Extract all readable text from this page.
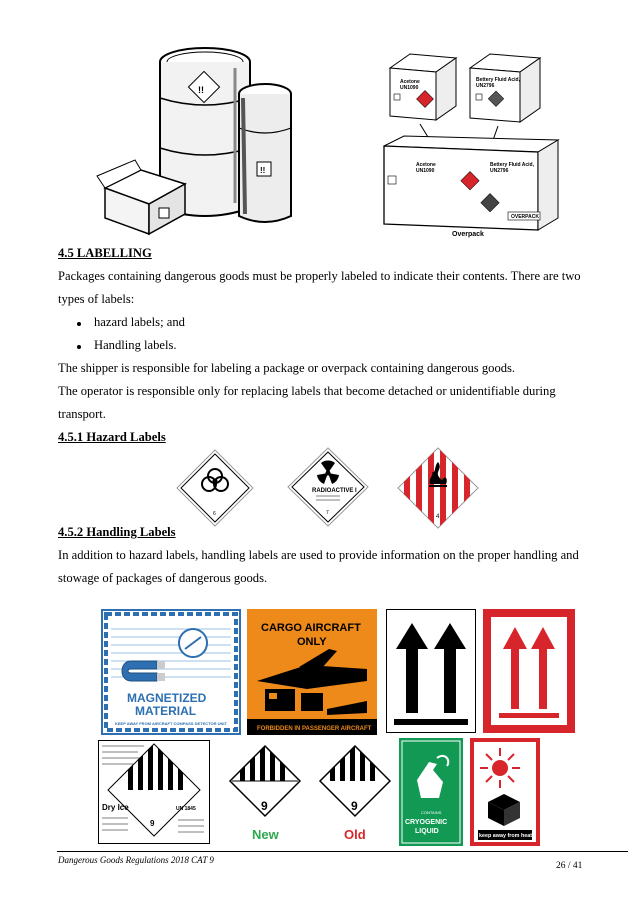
!!
!!
Acetone
UN1090
Bettery Fluid Acid,
UN2796
Acetone
UN1090
Bettery Fluid Acid,
UN2796
OVERPACK
Overpack
4.5 LABELLING
Packages containing dangerous goods must be properly labeled to indicate their contents. There are two
types of labels:
hazard labels; and
Handling labels.
The shipper is responsible for labeling a package or overpack containing dangerous goods.
The operator is responsible only for replacing labels that become detached or unidentifiable during
transport.
4.5.1 Hazard Labels
6
RADIOACTIVE I
7
4
4.5.2 Handling Labels
In addition to hazard labels, handling labels are used to provide information on the proper handling and
stowage of packages of dangerous goods.
MAGNETIZED
MATERIAL
KEEP AWAY FROM AIRCRAFT COMPASS DETECTOR UNIT
CARGO AIRCRAFT
ONLY
FORBIDDEN IN PASSENGER AIRCRAFT
Dry Ice	UN 1845
9
9
New
9
Old
CONTAINS
CRYOGENIC
LIQUID
keep away from heat
Dangerous Goods Regulations 2018 CAT 9
26 / 41
